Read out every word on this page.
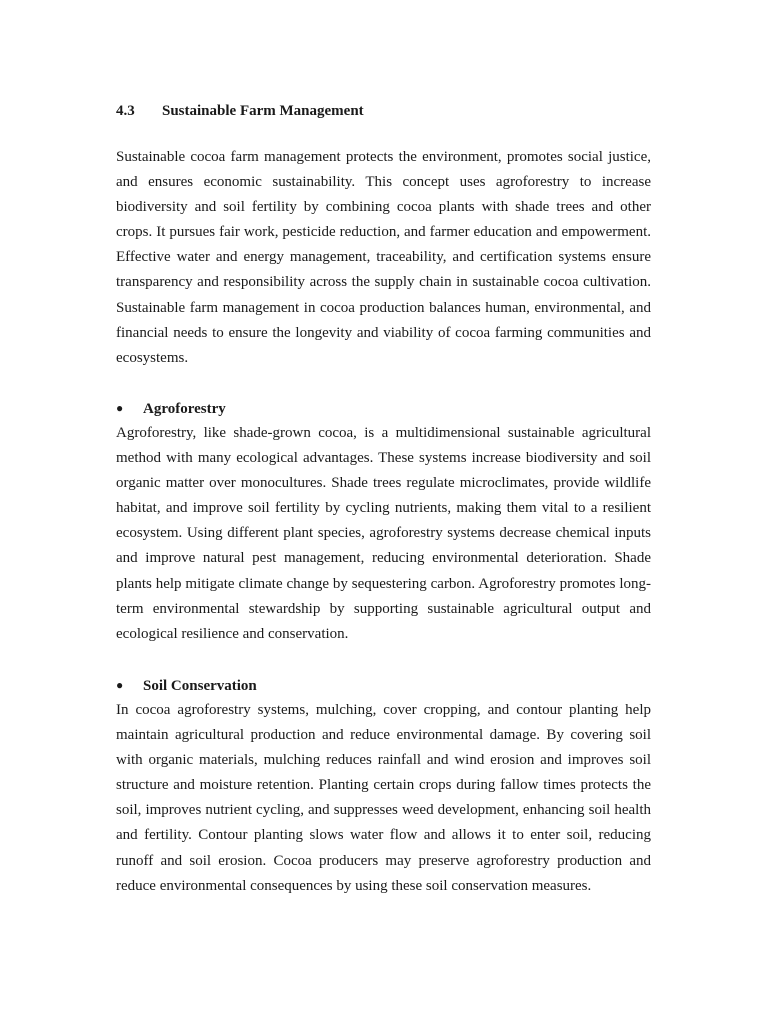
4.3 Sustainable Farm Management

Sustainable cocoa farm management protects the environment, promotes social justice, and ensures economic sustainability. This concept uses agroforestry to increase biodiversity and soil fertility by combining cocoa plants with shade trees and other crops. It pursues fair work, pesticide reduction, and farmer education and empowerment. Effective water and energy management, traceability, and certification systems ensure transparency and responsibility across the supply chain in sustainable cocoa cultivation. Sustainable farm management in cocoa production balances human, environmental, and financial needs to ensure the longevity and viability of cocoa farming communities and ecosystems.

● Agroforestry

Agroforestry, like shade-grown cocoa, is a multidimensional sustainable agricultural method with many ecological advantages. These systems increase biodiversity and soil organic matter over monocultures. Shade trees regulate microclimates, provide wildlife habitat, and improve soil fertility by cycling nutrients, making them vital to a resilient ecosystem. Using different plant species, agroforestry systems decrease chemical inputs and improve natural pest management, reducing environmental deterioration. Shade plants help mitigate climate change by sequestering carbon. Agroforestry promotes long-term environmental stewardship by supporting sustainable agricultural output and ecological resilience and conservation.

● Soil Conservation

In cocoa agroforestry systems, mulching, cover cropping, and contour planting help maintain agricultural production and reduce environmental damage. By covering soil with organic materials, mulching reduces rainfall and wind erosion and improves soil structure and moisture retention. Planting certain crops during fallow times protects the soil, improves nutrient cycling, and suppresses weed development, enhancing soil health and fertility. Contour planting slows water flow and allows it to enter soil, reducing runoff and soil erosion. Cocoa producers may preserve agroforestry production and reduce environmental consequences by using these soil conservation measures.
